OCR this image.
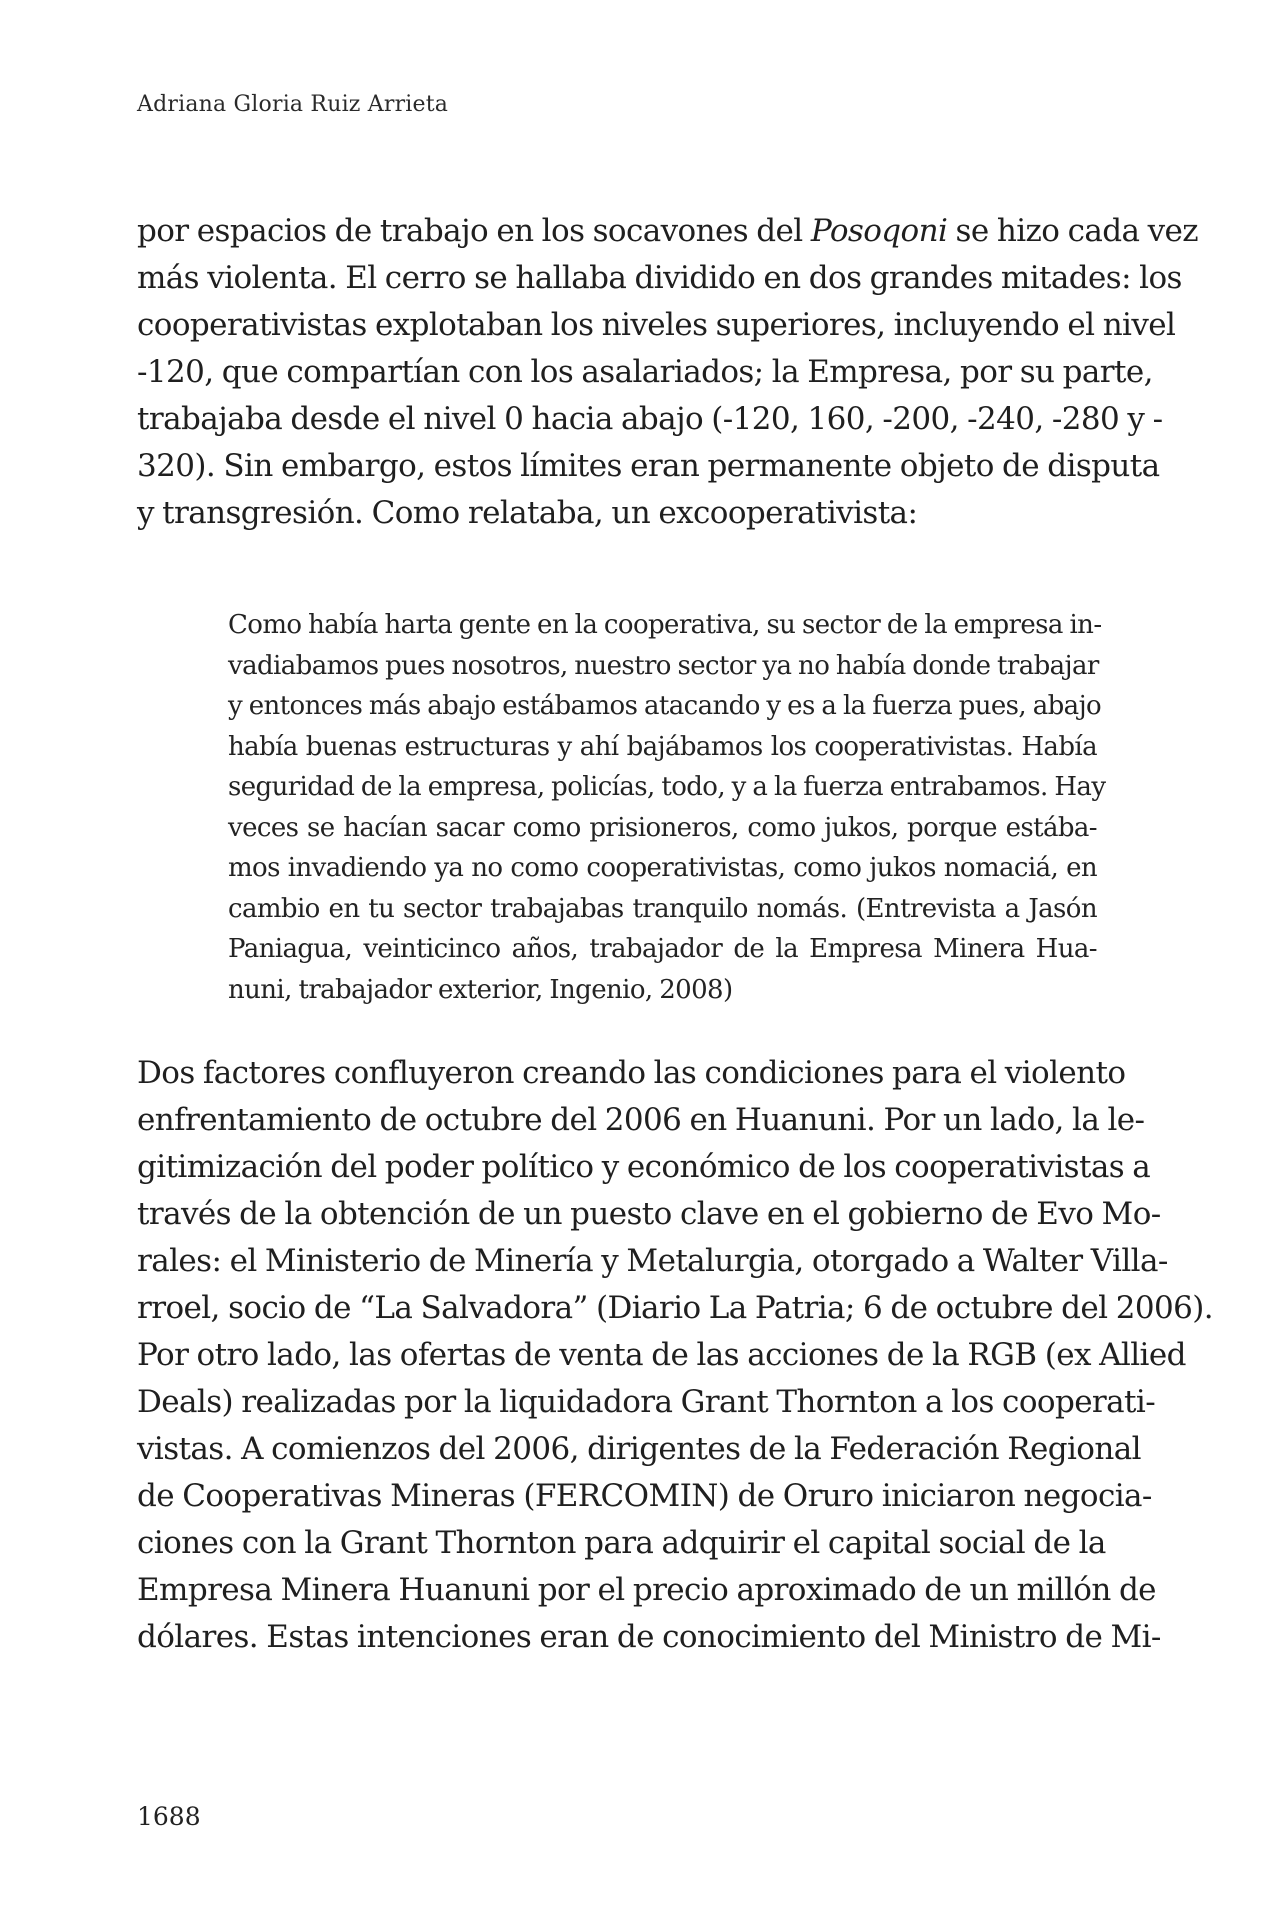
Adriana Gloria Ruiz Arrieta
por espacios de trabajo en los socavones del Posoqoni se hizo cada vez
más violenta. El cerro se hallaba dividido en dos grandes mitades: los
cooperativistas explotaban los niveles superiores, incluyendo el nivel
-120, que compartían con los asalariados; la Empresa, por su parte,
trabajaba desde el nivel 0 hacia abajo (-120, 160, -200, -240, -280 y -
320). Sin embargo, estos límites eran permanente objeto de disputa
y transgresión. Como relataba, un excooperativista:
Como había harta gente en la cooperativa, su sector de la empresa in-
vadiabamos pues nosotros, nuestro sector ya no había donde trabajar
y entonces más abajo estábamos atacando y es a la fuerza pues, abajo
había buenas estructuras y ahí bajábamos los cooperativistas. Había
seguridad de la empresa, policías, todo, y a la fuerza entrabamos. Hay
veces se hacían sacar como prisioneros, como jukos, porque estába-
mos invadiendo ya no como cooperativistas, como jukos nomaciá, en
cambio en tu sector trabajabas tranquilo nomás. (Entrevista a Jasón
Paniagua, veinticinco años, trabajador de la Empresa Minera Hua-
nuni, trabajador exterior, Ingenio, 2008)
Dos factores confluyeron creando las condiciones para el violento
enfrentamiento de octubre del 2006 en Huanuni. Por un lado, la le-
gitimización del poder político y económico de los cooperativistas a
través de la obtención de un puesto clave en el gobierno de Evo Mo-
rales: el Ministerio de Minería y Metalurgia, otorgado a Walter Villa-
rroel, socio de “La Salvadora” (Diario La Patria; 6 de octubre del 2006).
Por otro lado, las ofertas de venta de las acciones de la RGB (ex Allied
Deals) realizadas por la liquidadora Grant Thornton a los cooperati-
vistas. A comienzos del 2006, dirigentes de la Federación Regional
de Cooperativas Mineras (FERCOMIN) de Oruro iniciaron negocia-
ciones con la Grant Thornton para adquirir el capital social de la
Empresa Minera Huanuni por el precio aproximado de un millón de
dólares. Estas intenciones eran de conocimiento del Ministro de Mi-
1688
